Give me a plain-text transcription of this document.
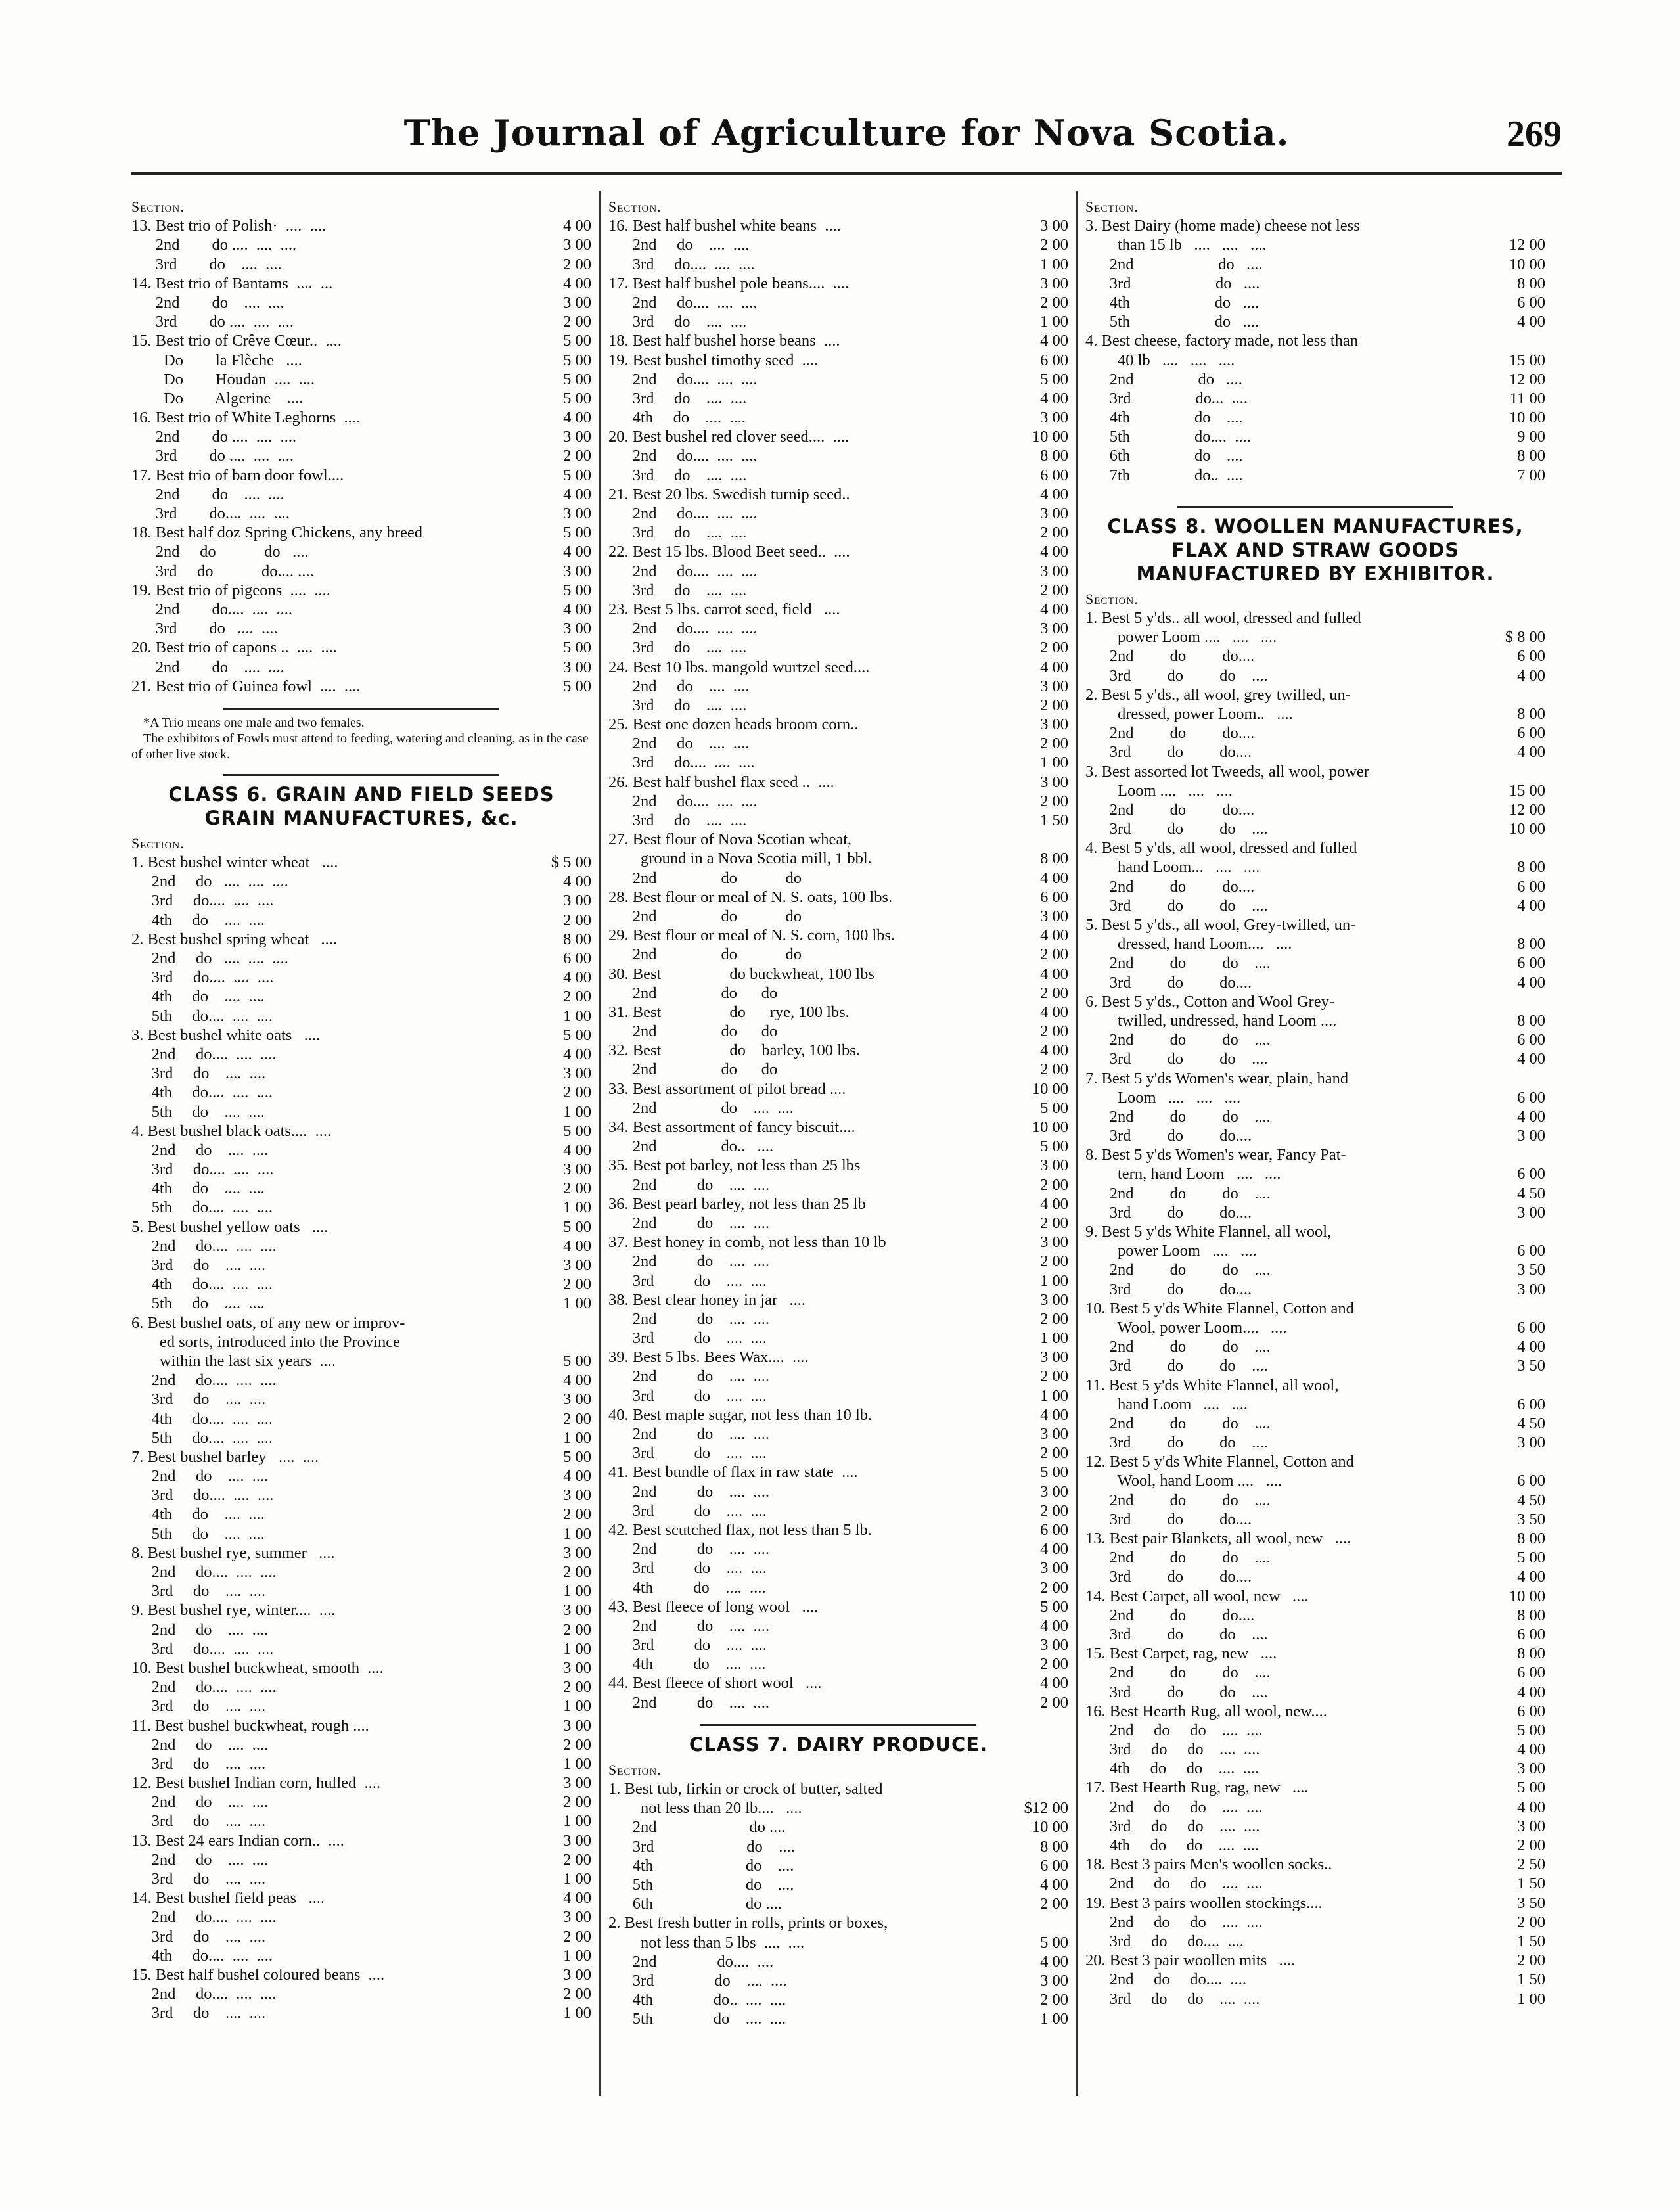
The Journal of Agriculture for Nova Scotia.	269
Section.
13. Best trio of Polish·  ....  ....	4 00
2nd        do ....  ....  ....	3 00
3rd        do    ....  ....	2 00
14. Best trio of Bantams  ....  ...	4 00
2nd        do    ....  ....	3 00
3rd        do ....  ....  ....	2 00
15. Best trio of Crêve Cœur..  ....	5 00
Do        la Flèche   ....	5 00
Do        Houdan  ....  ....	5 00
Do        Algerine    ....	5 00
16. Best trio of White Leghorns  ....	4 00
2nd        do ....  ....  ....	3 00
3rd        do ....  ....  ....	2 00
17. Best trio of barn door fowl....	5 00
2nd        do    ....  ....	4 00
3rd        do....  ....  ....	3 00
18. Best half doz Spring Chickens, any breed	5 00
2nd     do            do   ....	4 00
3rd     do            do.... ....	3 00
19. Best trio of pigeons  ....  ....	5 00
2nd        do....  ....  ....	4 00
3rd        do   ....  ....	3 00
20. Best trio of capons ..  ....  ....	5 00
2nd        do    ....  ....	3 00
21. Best trio of Guinea fowl  ....  ....	5 00
*A Trio means one male and two females.
The exhibitors of Fowls must attend to feeding, watering and cleaning, as in the case of other live stock.
CLASS 6. GRAIN AND FIELD SEEDS GRAIN MANUFACTURES, &c.
Section.
1. Best bushel winter wheat   ....	$ 5 00
2nd     do   ....  ....  ....	4 00
3rd     do....  ....  ....	3 00
4th     do    ....  ....	2 00
2. Best bushel spring wheat   ....	8 00
2nd     do   ....  ....  ....	6 00
3rd     do....  ....  ....	4 00
4th     do    ....  ....	2 00
5th     do....  ....  ....	1 00
3. Best bushel white oats   ....	5 00
2nd     do....  ....  ....	4 00
3rd     do    ....  ....	3 00
4th     do....  ....  ....	2 00
5th     do    ....  ....	1 00
4. Best bushel black oats....  ....	5 00
2nd     do    ....  ....	4 00
3rd     do....  ....  ....	3 00
4th     do    ....  ....	2 00
5th     do....  ....  ....	1 00
5. Best bushel yellow oats   ....	5 00
2nd     do....  ....  ....	4 00
3rd     do    ....  ....	3 00
4th     do....  ....  ....	2 00
5th     do    ....  ....	1 00
6. Best bushel oats, of any new or improv-
ed sorts, introduced into the Province
within the last six years  ....	5 00
2nd     do....  ....  ....	4 00
3rd     do    ....  ....	3 00
4th     do....  ....  ....	2 00
5th     do....  ....  ....	1 00
7. Best bushel barley   ....  ....	5 00
2nd     do    ....  ....	4 00
3rd     do....  ....  ....	3 00
4th     do    ....  ....	2 00
5th     do    ....  ....	1 00
8. Best bushel rye, summer   ....	3 00
2nd     do....  ....  ....	2 00
3rd     do    ....  ....	1 00
9. Best bushel rye, winter....  ....	3 00
2nd     do    ....  ....	2 00
3rd     do....  ....  ....	1 00
10. Best bushel buckwheat, smooth  ....	3 00
2nd     do....  ....  ....	2 00
3rd     do    ....  ....	1 00
11. Best bushel buckwheat, rough ....	3 00
2nd     do    ....  ....	2 00
3rd     do    ....  ....	1 00
12. Best bushel Indian corn, hulled  ....	3 00
2nd     do    ....  ....	2 00
3rd     do    ....  ....	1 00
13. Best 24 ears Indian corn..  ....	3 00
2nd     do    ....  ....	2 00
3rd     do    ....  ....	1 00
14. Best bushel field peas   ....	4 00
2nd     do....  ....  ....	3 00
3rd     do    ....  ....	2 00
4th     do....  ....  ....	1 00
15. Best half bushel coloured beans  ....	3 00
2nd     do....  ....  ....	2 00
3rd     do    ....  ....	1 00
Section.
16. Best half bushel white beans  ....	3 00
2nd     do    ....  ....	2 00
3rd     do....  ....  ....	1 00
17. Best half bushel pole beans....  ....	3 00
2nd     do....  ....  ....	2 00
3rd     do    ....  ....	1 00
18. Best half bushel horse beans  ....	4 00
19. Best bushel timothy seed  ....	6 00
2nd     do....  ....  ....	5 00
3rd     do    ....  ....	4 00
4th     do    ....  ....	3 00
20. Best bushel red clover seed....  ....	10 00
2nd     do....  ....  ....	8 00
3rd     do    ....  ....	6 00
21. Best 20 lbs. Swedish turnip seed..	4 00
2nd     do....  ....  ....	3 00
3rd     do    ....  ....	2 00
22. Best 15 lbs. Blood Beet seed..  ....	4 00
2nd     do....  ....  ....	3 00
3rd     do    ....  ....	2 00
23. Best 5 lbs. carrot seed, field   ....	4 00
2nd     do....  ....  ....	3 00
3rd     do    ....  ....	2 00
24. Best 10 lbs. mangold wurtzel seed....	4 00
2nd     do    ....  ....	3 00
3rd     do    ....  ....	2 00
25. Best one dozen heads broom corn..	3 00
2nd     do    ....  ....	2 00
3rd     do....  ....  ....	1 00
26. Best half bushel flax seed ..  ....	3 00
2nd     do....  ....  ....	2 00
3rd     do    ....  ....	1 50
27. Best flour of Nova Scotian wheat,
ground in a Nova Scotia mill, 1 bbl.	8 00
2nd                do            do	4 00
28. Best flour or meal of N. S. oats, 100 lbs.	6 00
2nd                do            do	3 00
29. Best flour or meal of N. S. corn, 100 lbs.	4 00
2nd                do            do	2 00
30. Best                 do buckwheat, 100 lbs	4 00
2nd                do      do	2 00
31. Best                 do      rye, 100 lbs.	4 00
2nd                do      do	2 00
32. Best                 do    barley, 100 lbs.	4 00
2nd                do      do	2 00
33. Best assortment of pilot bread ....	10 00
2nd                do    ....  ....	5 00
34. Best assortment of fancy biscuit....	10 00
2nd                do..   ....	5 00
35. Best pot barley, not less than 25 lbs	3 00
2nd          do    ....  ....	2 00
36. Best pearl barley, not less than 25 lb	4 00
2nd          do    ....  ....	2 00
37. Best honey in comb, not less than 10 lb	3 00
2nd          do    ....  ....	2 00
3rd          do    ....  ....	1 00
38. Best clear honey in jar   ....	3 00
2nd          do    ....  ....	2 00
3rd          do    ....  ....	1 00
39. Best 5 lbs. Bees Wax....  ....	3 00
2nd          do    ....  ....	2 00
3rd          do    ....  ....	1 00
40. Best maple sugar, not less than 10 lb.	4 00
2nd          do    ....  ....	3 00
3rd          do    ....  ....	2 00
41. Best bundle of flax in raw state  ....	5 00
2nd          do    ....  ....	3 00
3rd          do    ....  ....	2 00
42. Best scutched flax, not less than 5 lb.	6 00
2nd          do    ....  ....	4 00
3rd          do    ....  ....	3 00
4th          do    ....  ....	2 00
43. Best fleece of long wool   ....	5 00
2nd          do    ....  ....	4 00
3rd          do    ....  ....	3 00
4th          do    ....  ....	2 00
44. Best fleece of short wool   ....	4 00
2nd          do    ....  ....	2 00
CLASS 7. DAIRY PRODUCE.
Section.
1. Best tub, firkin or crock of butter, salted
not less than 20 lb....   ....	$12 00
2nd                       do ....	10 00
3rd                       do    ....	8 00
4th                       do    ....	6 00
5th                       do    ....	4 00
6th                       do ....	2 00
2. Best fresh butter in rolls, prints or boxes,
not less than 5 lbs  ....  ....	5 00
2nd               do....  ....	4 00
3rd               do    ....  ....	3 00
4th               do..  ....  ....	2 00
5th               do    ....  ....	1 00
Section.
3. Best Dairy (home made) cheese not less
than 15 lb   ....   ....   ....	12 00
2nd                     do   ....	10 00
3rd                     do   ....	8 00
4th                     do   ....	6 00
5th                     do   ....	4 00
4. Best cheese, factory made, not less than
40 lb   ....   ....   ....	15 00
2nd                do   ....	12 00
3rd                do...  ....	11 00
4th                do    ....	10 00
5th                do....  ....	9 00
6th                do    ....	8 00
7th                do..  ....	7 00
CLASS 8. WOOLLEN MANUFACTURES, FLAX AND STRAW GOODS MANUFACTURED BY EXHIBITOR.
Section.
1. Best 5 y'ds.. all wool, dressed and fulled
power Loom ....   ....   ....	$ 8 00
2nd         do         do....	6 00
3rd         do         do    ....	4 00
2. Best 5 y'ds., all wool, grey twilled, un-
dressed, power Loom..   ....	8 00
2nd         do         do....	6 00
3rd         do         do....	4 00
3. Best assorted lot Tweeds, all wool, power
Loom ....   ....   ....	15 00
2nd         do         do....	12 00
3rd         do         do    ....	10 00
4. Best 5 y'ds, all wool, dressed and fulled
hand Loom...   ....   ....	8 00
2nd         do         do....	6 00
3rd         do         do    ....	4 00
5. Best 5 y'ds., all wool, Grey-twilled, un-
dressed, hand Loom....   ....	8 00
2nd         do         do    ....	6 00
3rd         do         do....	4 00
6. Best 5 y'ds., Cotton and Wool Grey-
twilled, undressed, hand Loom ....	8 00
2nd         do         do    ....	6 00
3rd         do         do    ....	4 00
7. Best 5 y'ds Women's wear, plain, hand
Loom   ....   ....   ....	6 00
2nd         do         do    ....	4 00
3rd         do         do....	3 00
8. Best 5 y'ds Women's wear, Fancy Pat-
tern, hand Loom   ....   ....	6 00
2nd         do         do    ....	4 50
3rd         do         do....	3 00
9. Best 5 y'ds White Flannel, all wool,
power Loom   ....   ....	6 00
2nd         do         do    ....	3 50
3rd         do         do....	3 00
10. Best 5 y'ds White Flannel, Cotton and
Wool, power Loom....   ....	6 00
2nd         do         do    ....	4 00
3rd         do         do    ....	3 50
11. Best 5 y'ds White Flannel, all wool,
hand Loom   ....   ....	6 00
2nd         do         do    ....	4 50
3rd         do         do    ....	3 00
12. Best 5 y'ds White Flannel, Cotton and
Wool, hand Loom ....   ....	6 00
2nd         do         do    ....	4 50
3rd         do         do....	3 50
13. Best pair Blankets, all wool, new   ....	8 00
2nd         do         do    ....	5 00
3rd         do         do....	4 00
14. Best Carpet, all wool, new   ....	10 00
2nd         do         do....	8 00
3rd         do         do    ....	6 00
15. Best Carpet, rag, new   ....	8 00
2nd         do         do    ....	6 00
3rd         do         do    ....	4 00
16. Best Hearth Rug, all wool, new....	6 00
2nd     do     do    ....  ....	5 00
3rd     do     do    ....  ....	4 00
4th     do     do    ....  ....	3 00
17. Best Hearth Rug, rag, new   ....	5 00
2nd     do     do    ....  ....	4 00
3rd     do     do    ....  ....	3 00
4th     do     do    ....  ....	2 00
18. Best 3 pairs Men's woollen socks..	2 50
2nd     do     do    ....  ....	1 50
19. Best 3 pairs woollen stockings....	3 50
2nd     do     do    ....  ....	2 00
3rd     do     do....  ....	1 50
20. Best 3 pair woollen mits   ....	2 00
2nd     do     do....  ....	1 50
3rd     do     do    ....  ....	1 00
